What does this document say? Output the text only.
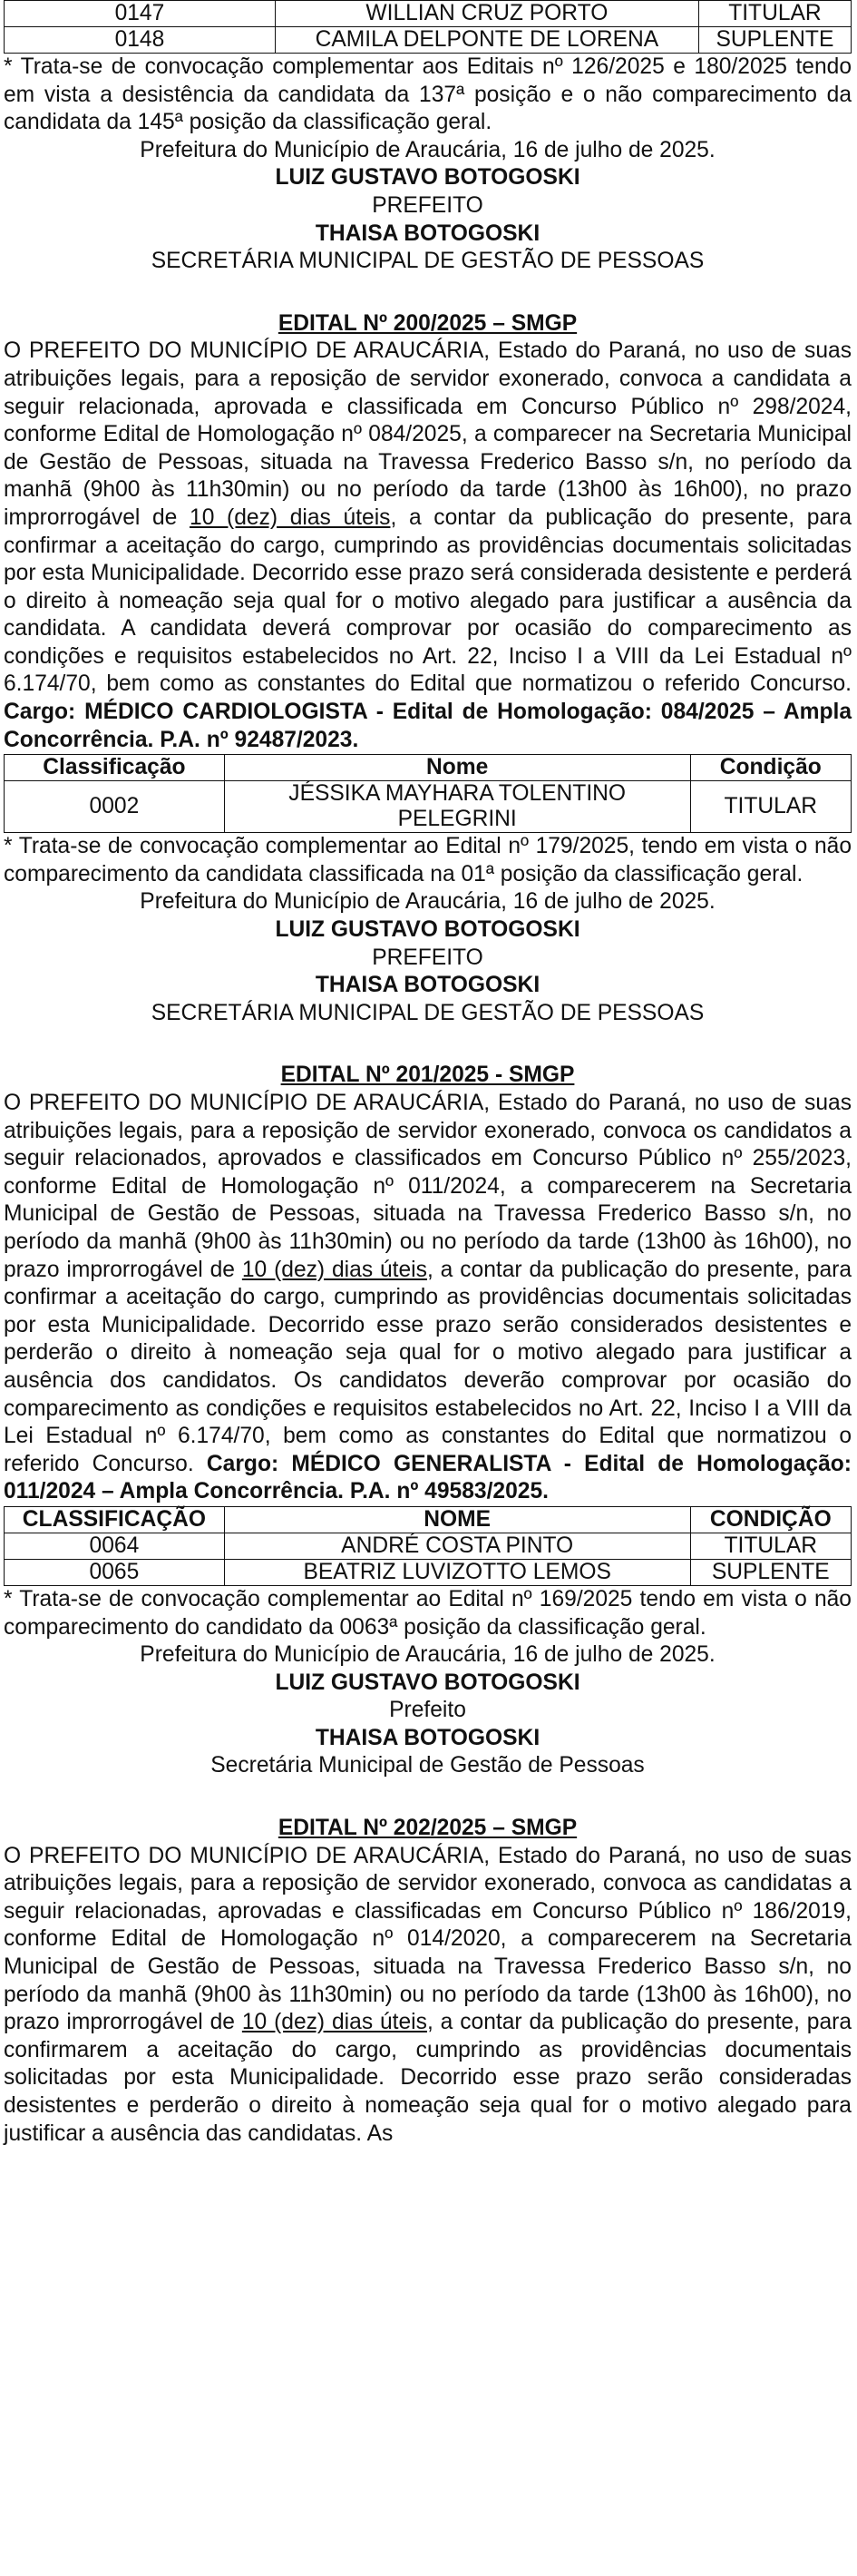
0147	WILLIAN CRUZ PORTO	TITULAR
0148	CAMILA DELPONTE DE LORENA	SUPLENTE

* Trata-se de convocação complementar aos Editais nº 126/2025 e 180/2025 tendo em vista a desistência da candidata da 137ª posição e o não comparecimento da candidata da 145ª posição da classificação geral.

Prefeitura do Município de Araucária, 16 de julho de 2025.

LUIZ GUSTAVO BOTOGOSKI

PREFEITO

THAISA BOTOGOSKI

SECRETÁRIA MUNICIPAL DE GESTÃO DE PESSOAS

EDITAL Nº 200/2025 – SMGP

O PREFEITO DO MUNICÍPIO DE ARAUCÁRIA, Estado do Paraná, no uso de suas atribuições legais, para a reposição de servidor exonerado, convoca a candidata a seguir relacionada, aprovada e classificada em Concurso Público nº 298/2024, conforme Edital de Homologação nº 084/2025, a comparecer na Secretaria Municipal de Gestão de Pessoas, situada na Travessa Frederico Basso s/n, no período da manhã (9h00 às 11h30min) ou no período da tarde (13h00 às 16h00), no prazo improrrogável de 10 (dez) dias úteis, a contar da publicação do presente, para confirmar a aceitação do cargo, cumprindo as providências documentais solicitadas por esta Municipalidade. Decorrido esse prazo será considerada desistente e perderá o direito à nomeação seja qual for o motivo alegado para justificar a ausência da candidata. A candidata deverá comprovar por ocasião do comparecimento as condições e requisitos estabelecidos no Art. 22, Inciso I a VIII da Lei Estadual nº 6.174/70, bem como as constantes do Edital que normatizou o referido Concurso. Cargo: MÉDICO CARDIOLOGISTA - Edital de Homologação: 084/2025 – Ampla Concorrência. P.A. nº 92487/2023.

Classificação	Nome	Condição
0002	JÉSSIKA MAYHARA TOLENTINO PELEGRINI	TITULAR

* Trata-se de convocação complementar ao Edital nº 179/2025, tendo em vista o não comparecimento da candidata classificada na 01ª posição da classificação geral.

Prefeitura do Município de Araucária, 16 de julho de 2025.

LUIZ GUSTAVO BOTOGOSKI

PREFEITO

THAISA BOTOGOSKI

SECRETÁRIA MUNICIPAL DE GESTÃO DE PESSOAS

EDITAL Nº 201/2025 - SMGP

O PREFEITO DO MUNICÍPIO DE ARAUCÁRIA, Estado do Paraná, no uso de suas atribuições legais, para a reposição de servidor exonerado, convoca os candidatos a seguir relacionados, aprovados e classificados em Concurso Público nº 255/2023, conforme Edital de Homologação nº 011/2024, a comparecerem na Secretaria Municipal de Gestão de Pessoas, situada na Travessa Frederico Basso s/n, no período da manhã (9h00 às 11h30min) ou no período da tarde (13h00 às 16h00), no prazo improrrogável de 10 (dez) dias úteis, a contar da publicação do presente, para confirmar a aceitação do cargo, cumprindo as providências documentais solicitadas por esta Municipalidade. Decorrido esse prazo serão considerados desistentes e perderão o direito à nomeação seja qual for o motivo alegado para justificar a ausência dos candidatos. Os candidatos deverão comprovar por ocasião do comparecimento as condições e requisitos estabelecidos no Art. 22, Inciso I a VIII da Lei Estadual nº 6.174/70, bem como as constantes do Edital que normatizou o referido Concurso. Cargo: MÉDICO GENERALISTA - Edital de Homologação: 011/2024 – Ampla Concorrência. P.A. nº 49583/2025.

CLASSIFICAÇÃO	NOME	CONDIÇÃO
0064	ANDRÉ COSTA PINTO	TITULAR
0065	BEATRIZ LUVIZOTTO LEMOS	SUPLENTE

* Trata-se de convocação complementar ao Edital nº 169/2025 tendo em vista o não comparecimento do candidato da 0063ª posição da classificação geral.

Prefeitura do Município de Araucária, 16 de julho de 2025.

LUIZ GUSTAVO BOTOGOSKI

Prefeito

THAISA BOTOGOSKI

Secretária Municipal de Gestão de Pessoas

EDITAL Nº 202/2025 – SMGP

O PREFEITO DO MUNICÍPIO DE ARAUCÁRIA, Estado do Paraná, no uso de suas atribuições legais, para a reposição de servidor exonerado, convoca as candidatas a seguir relacionadas, aprovadas e classificadas em Concurso Público nº 186/2019, conforme Edital de Homologação nº 014/2020, a comparecerem na Secretaria Municipal de Gestão de Pessoas, situada na Travessa Frederico Basso s/n, no período da manhã (9h00 às 11h30min) ou no período da tarde (13h00 às 16h00), no prazo improrrogável de 10 (dez) dias úteis, a contar da publicação do presente, para confirmarem a aceitação do cargo, cumprindo as providências documentais solicitadas por esta Municipalidade. Decorrido esse prazo serão consideradas desistentes e perderão o direito à nomeação seja qual for o motivo alegado para justificar a ausência das candidatas. As
